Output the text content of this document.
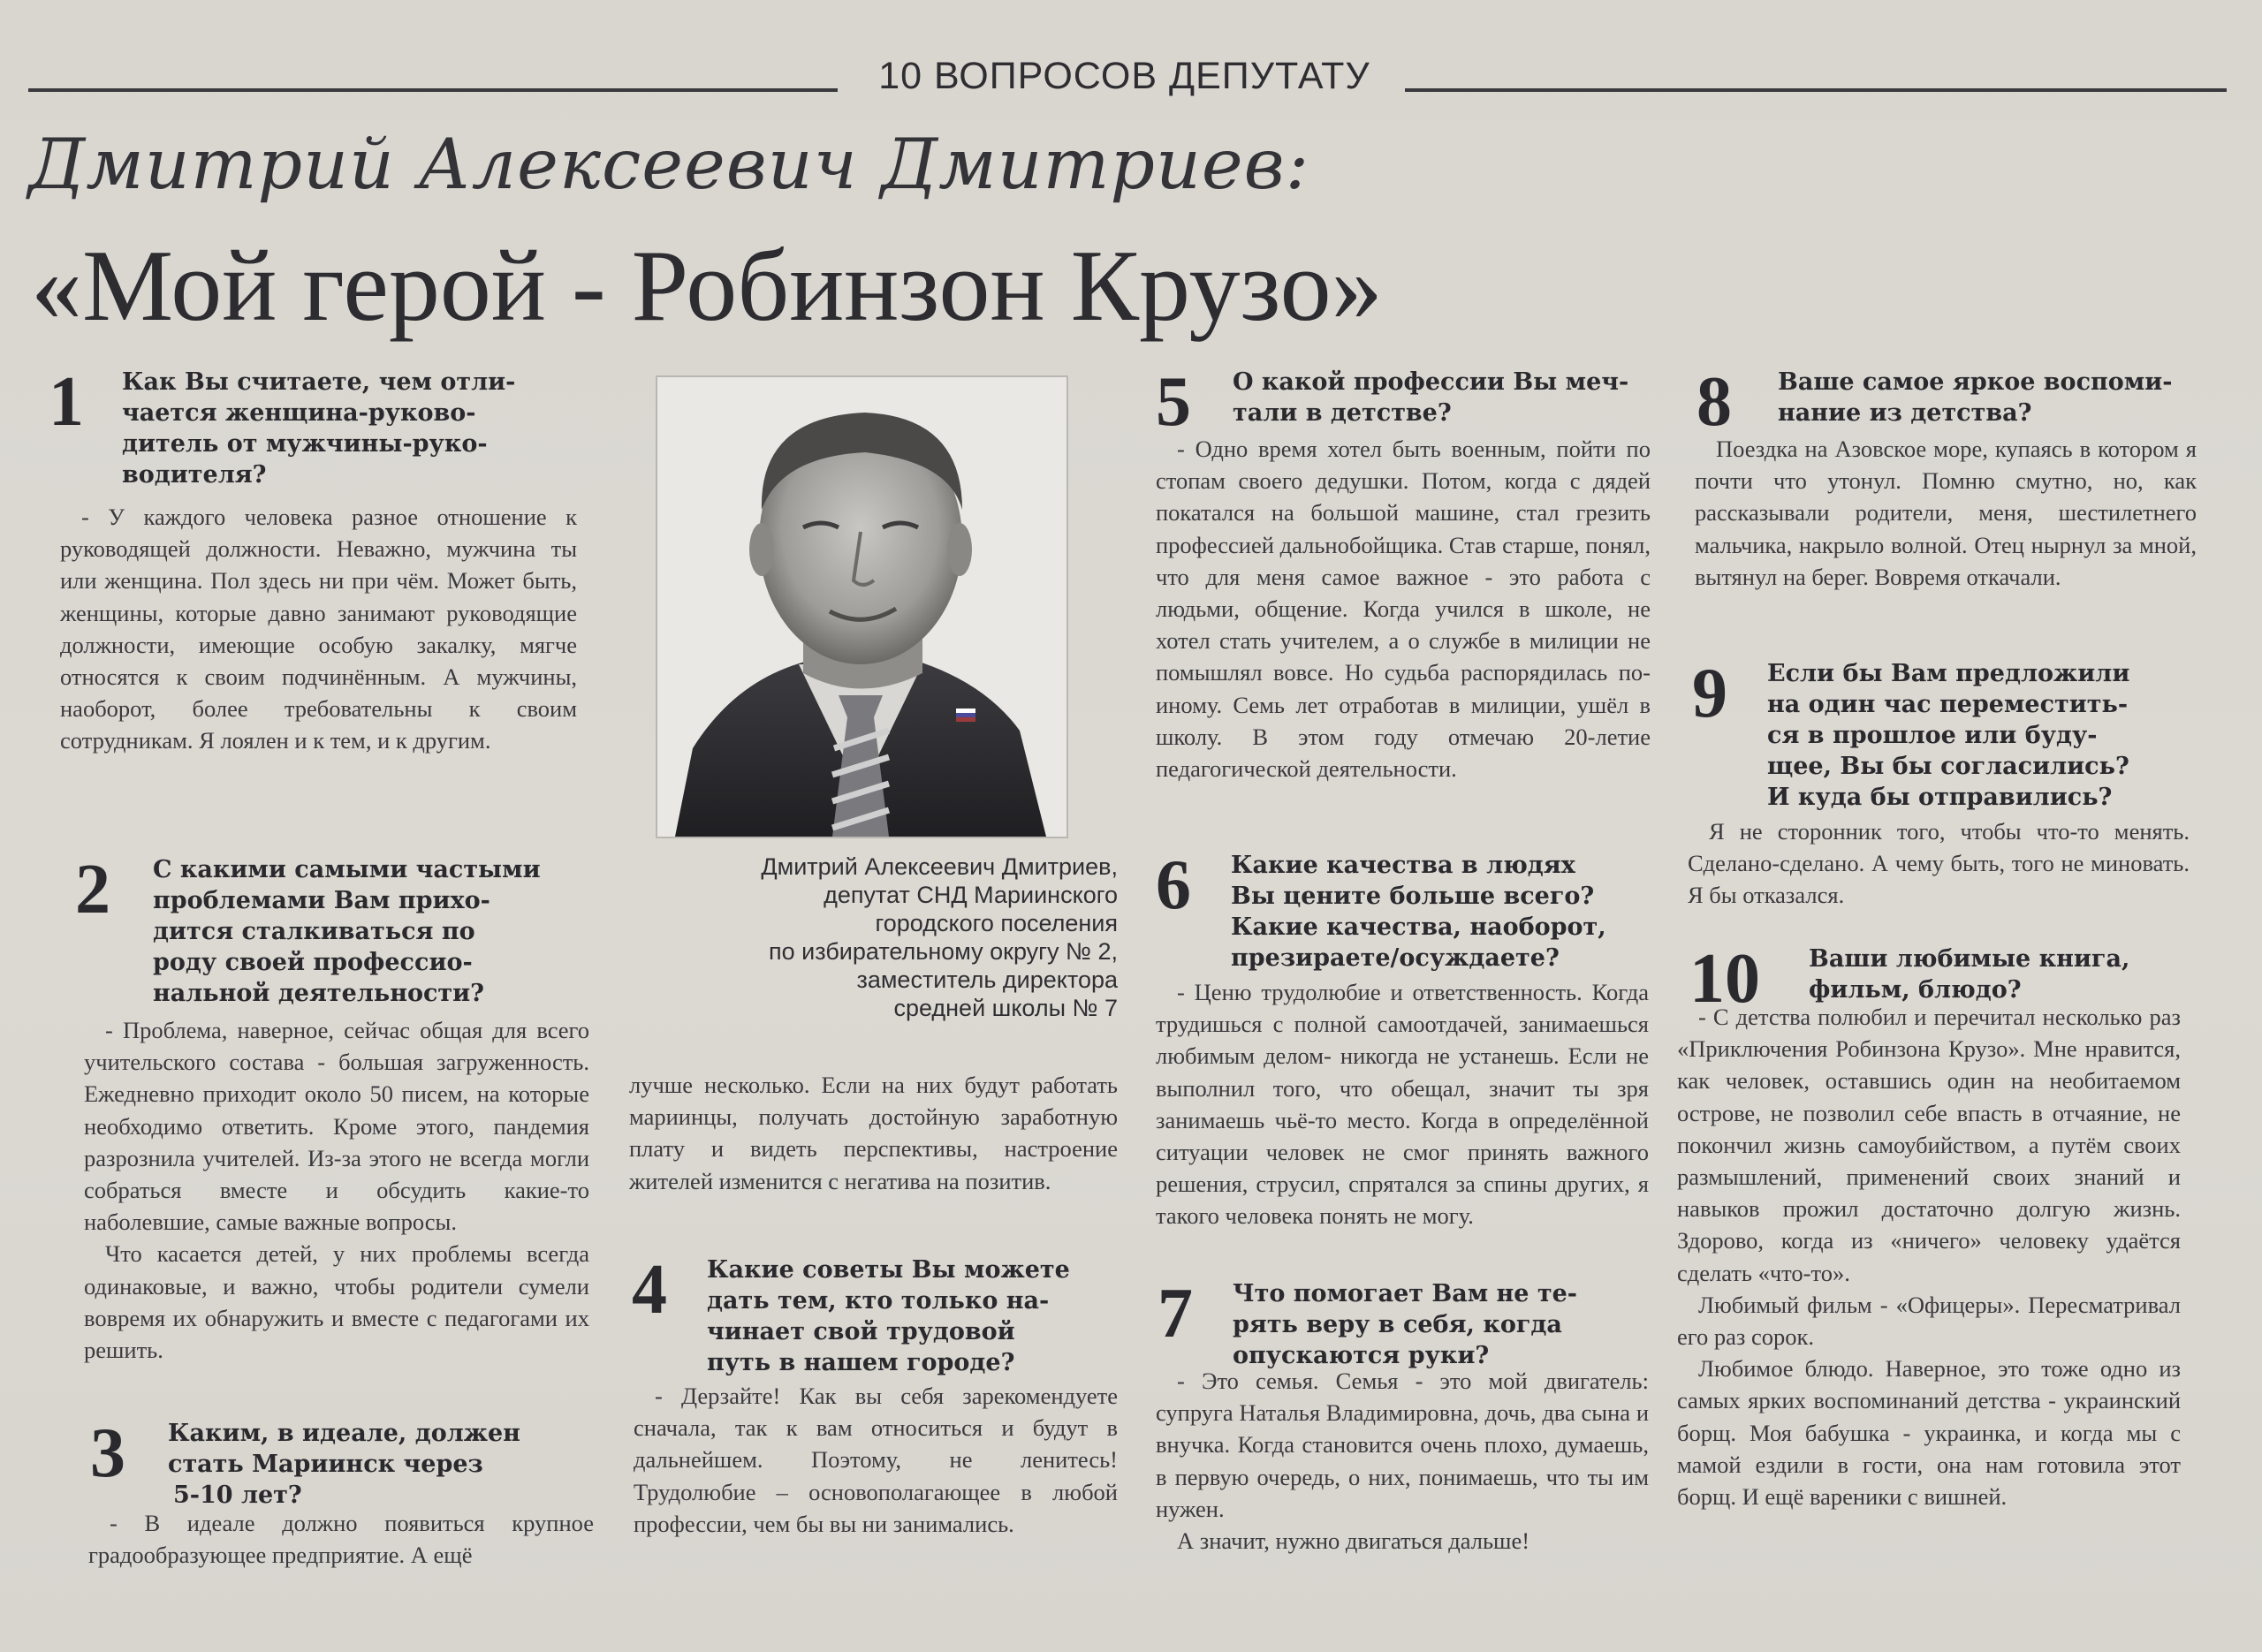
10 ВОПРОСОВ ДЕПУТАТУ
Дмитрий Алексеевич Дмитриев:
«Мой герой - Робинзон Крузо»
1 Как Вы считаете, чем отли-
чается женщина-руково-
дитель от мужчины-руко-
водителя?

- У каждого человека разное отношение к руководящей должности. Неважно, мужчина ты или женщина. Пол здесь ни при чём. Может быть, женщины, которые давно занимают руководящие должности, имеющие особую закалку, мягче относятся к своим подчинённым. А мужчины, наоборот, более требовательны к своим сотрудникам. Я лоялен и к тем, и к другим.

2 С какими самыми частыми
проблемами Вам прихо-
дится сталкиваться по
роду своей профессио-
нальной деятельности?

- Проблема, наверное, сейчас общая для всего учительского состава - большая загруженность. Ежедневно приходит около 50 писем, на которые необходимо ответить. Кроме этого, пандемия разрознила учителей. Из-за этого не всегда могли собраться вместе и обсудить какие-то наболевшие, самые важные вопросы.

Что касается детей, у них проблемы всегда одинаковые, и важно, чтобы родители сумели вовремя их обнаружить и вместе с педагогами их решить.

3 Каким, в идеале, должен
стать Мариинск через
5-10 лет?

- В идеале должно появиться крупное градообразующее предприятие. А ещё

Дмитрий Алексеевич Дмитриев,
депутат СНД Мариинского
городского поселения
по избирательному округу № 2,
заместитель директора
средней школы № 7

лучше несколько. Если на них будут работать мариинцы, получать достойную заработную плату и видеть перспективы, настроение жителей изменится с негатива на позитив.

4 Какие советы Вы можете
дать тем, кто только на-
чинает свой трудовой
путь в нашем городе?

- Дерзайте! Как вы себя зарекомендуете сначала, так к вам относиться и будут в дальнейшем. Поэтому, не ленитесь! Трудолюбие – основополагающее в любой профессии, чем бы вы ни занимались.

5 О какой профессии Вы меч-
тали в детстве?

- Одно время хотел быть военным, пойти по стопам своего дедушки. Потом, когда с дядей покатался на большой машине, стал грезить профессией дальнобойщика. Став старше, понял, что для меня самое важное - это работа с людьми, общение. Когда учился в школе, не хотел стать учителем, а о службе в милиции не помышлял вовсе. Но судьба распорядилась по-иному. Семь лет отработав в милиции, ушёл в школу. В этом году отмечаю 20-летие педагогической деятельности.

6 Какие качества в людях
Вы цените больше всего?
Какие качества, наоборот,
презираете/осуждаете?

- Ценю трудолюбие и ответственность. Когда трудишься с полной самоотдачей, занимаешься любимым делом- никогда не устанешь. Если не выполнил того, что обещал, значит ты зря занимаешь чьё-то место. Когда в определённой ситуации человек не смог принять важного решения, струсил, спрятался за спины других, я такого человека понять не могу.

7 Что помогает Вам не те-
рять веру в себя, когда
опускаются руки?

- Это семья. Семья - это мой двигатель: супруга Наталья Владимировна, дочь, два сына и внучка. Когда становится очень плохо, думаешь, в первую очередь, о них, понимаешь, что ты им нужен.

А значит, нужно двигаться дальше!

8 Ваше самое яркое воспоми-
нание из детства?

Поездка на Азовское море, купаясь в котором я почти что утонул. Помню смутно, но, как рассказывали родители, меня, шестилетнего мальчика, накрыло волной. Отец нырнул за мной, вытянул на берег. Вовремя откачали.

9 Если бы Вам предложили
на один час переместить-
ся в прошлое или буду-
щее, Вы бы согласились?
И куда бы отправились?

Я не сторонник того, чтобы что-то менять. Сделано-сделано. А чему быть, того не миновать. Я бы отказался.

10 Ваши любимые книга,
фильм, блюдо?

- С детства полюбил и перечитал несколько раз «Приключения Робинзона Крузо». Мне нравится, как человек, оставшись один на необитаемом острове, не позволил себе впасть в отчаяние, не покончил жизнь самоубийством, а путём своих размышлений, применений своих знаний и навыков прожил достаточно долгую жизнь. Здорово, когда из «ничего» человеку удаётся сделать «что-то».

Любимый фильм - «Офицеры». Пересматривал его раз сорок.

Любимое блюдо. Наверное, это тоже одно из самых ярких воспоминаний детства - украинский борщ. Моя бабушка - украинка, и когда мы с мамой ездили в гости, она нам готовила этот борщ. И ещё вареники с вишней.
